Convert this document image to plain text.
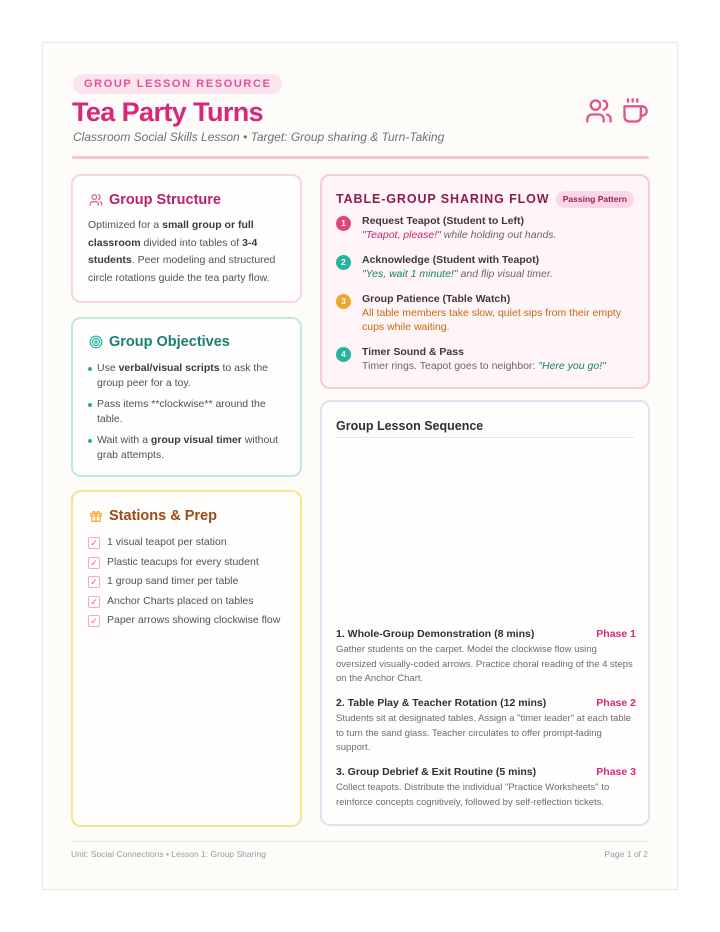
GROUP LESSON RESOURCE
Tea Party Turns
Classroom Social Skills Lesson • Target: Group sharing & Turn-Taking
Group Structure
Optimized for a small group or full classroom divided into tables of 3-4 students. Peer modeling and structured circle rotations guide the tea party flow.
Group Objectives
Use verbal/visual scripts to ask the group peer for a toy.
Pass items **clockwise** around the table.
Wait with a group visual timer without grab attempts.
Stations & Prep
✓ 1 visual teapot per station
✓ Plastic teacups for every student
✓ 1 group sand timer per table
✓ Anchor Charts placed on tables
✓ Paper arrows showing clockwise flow
TABLE-GROUP SHARING FLOW	Passing Pattern
1	Request Teapot (Student to Left)
"Teapot, please!" while holding out hands.
2	Acknowledge (Student with Teapot)
"Yes, wait 1 minute!" and flip visual timer.
3	Group Patience (Table Watch)
All table members take slow, quiet sips from their empty cups while waiting.
4	Timer Sound & Pass
Timer rings. Teapot goes to neighbor: "Here you go!"
Group Lesson Sequence
1. Whole-Group Demonstration (8 mins)	Phase 1
Gather students on the carpet. Model the clockwise flow using oversized visually-coded arrows. Practice choral reading of the 4 steps on the Anchor Chart.
2. Table Play & Teacher Rotation (12 mins)	Phase 2
Students sit at designated tables. Assign a "timer leader" at each table to turn the sand glass. Teacher circulates to offer prompt-fading support.
3. Group Debrief & Exit Routine (5 mins)	Phase 3
Collect teapots. Distribute the individual "Practice Worksheets" to reinforce concepts cognitively, followed by self-reflection tickets.
Unit: Social Connections • Lesson 1: Group Sharing	Page 1 of 2
